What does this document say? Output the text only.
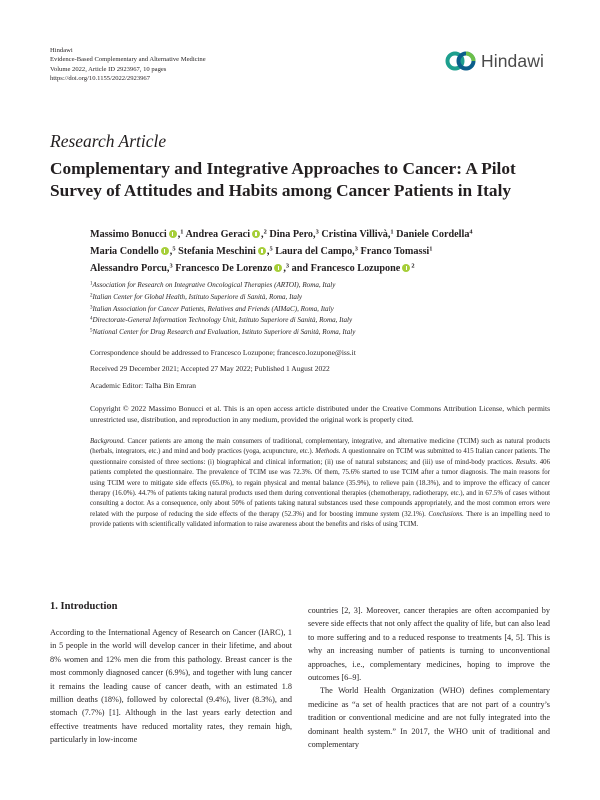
Hindawi
Evidence-Based Complementary and Alternative Medicine
Volume 2022, Article ID 2923967, 10 pages
https://doi.org/10.1155/2022/2923967
Hindawi
Research Article
Complementary and Integrative Approaches to Cancer: A Pilot Survey of Attitudes and Habits among Cancer Patients in Italy
Massimo Bonucci ,$^1$ Andrea Geraci ,$^2$ Dina Pero,$^3$ Cristina Villivà,$^1$ Daniele Cordella$^4$
Maria Condello ,$^5$ Stefania Meschini ,$^5$ Laura del Campo,$^3$ Franco Tomassi$^1$
Alessandro Porcu,$^3$ Francesco De Lorenzo ,$^3$ and Francesco Lozupone $^2$
$^1$Association for Research on Integrative Oncological Therapies (ARTOI), Roma, Italy
$^2$Italian Center for Global Health, Istituto Superiore di Sanità, Roma, Italy
$^3$Italian Association for Cancer Patients, Relatives and Friends (AIMaC), Roma, Italy
$^4$Directorate-General Information Technology Unit, Istituto Superiore di Sanità, Roma, Italy
$^5$National Center for Drug Research and Evaluation, Istituto Superiore di Sanità, Roma, Italy
Correspondence should be addressed to Francesco Lozupone; francesco.lozupone@iss.it
Received 29 December 2021; Accepted 27 May 2022; Published 1 August 2022
Academic Editor: Talha Bin Emran
Copyright © 2022 Massimo Bonucci et al. This is an open access article distributed under the Creative Commons Attribution License, which permits unrestricted use, distribution, and reproduction in any medium, provided the original work is properly cited.
Background. Cancer patients are among the main consumers of traditional, complementary, integrative, and alternative medicine (TCIM) such as natural products (herbals, integrators, etc.) and mind and body practices (yoga, acupuncture, etc.). Methods. A questionnaire on TCIM was submitted to 415 Italian cancer patients. The questionnaire consisted of three sections: (i) biographical and clinical information; (ii) use of natural substances; and (iii) use of mind-body practices. Results. 406 patients completed the questionnaire. The prevalence of TCIM use was 72.3%. Of them, 75.6% started to use TCIM after a tumor diagnosis. The main reasons for using TCIM were to mitigate side effects (65.0%), to regain physical and mental balance (35.9%), to relieve pain (18.3%), and to improve the efficacy of cancer therapy (16.0%). 44.7% of patients taking natural products used them during conventional therapies (chemotherapy, radiotherapy, etc.), and in 67.5% of cases without consulting a doctor. As a consequence, only about 50% of patients taking natural substances used these compounds appropriately, and the most common errors were related with the purpose of reducing the side effects of the therapy (52.3%) and for boosting immune system (32.1%). Conclusions. There is an impelling need to provide patients with scientifically validated information to raise awareness about the benefits and risks of using TCIM.
1. Introduction

According to the International Agency of Research on Cancer (IARC), 1 in 5 people in the world will develop cancer in their lifetime, and about 8% women and 12% men die from this pathology. Breast cancer is the most commonly diagnosed cancer (6.9%), and together with lung cancer it remains the leading cause of cancer death, with an estimated 1.8 million deaths (18%), followed by colorectal (9.4%), liver (8.3%), and stomach (7.7%) [1]. Although in the last years early detection and effective treatments have reduced mortality rates, they remain high, particularly in low-income

countries [2, 3]. Moreover, cancer therapies are often accompanied by severe side effects that not only affect the quality of life, but can also lead to more suffering and to a reduced response to treatments [4, 5]. This is why an increasing number of patients is turning to unconventional approaches, i.e., complementary medicines, hoping to improve the outcomes [6–9].

The World Health Organization (WHO) defines complementary medicine as “a set of health practices that are not part of a country’s tradition or conventional medicine and are not fully integrated into the dominant health system.” In 2017, the WHO unit of traditional and complementary
